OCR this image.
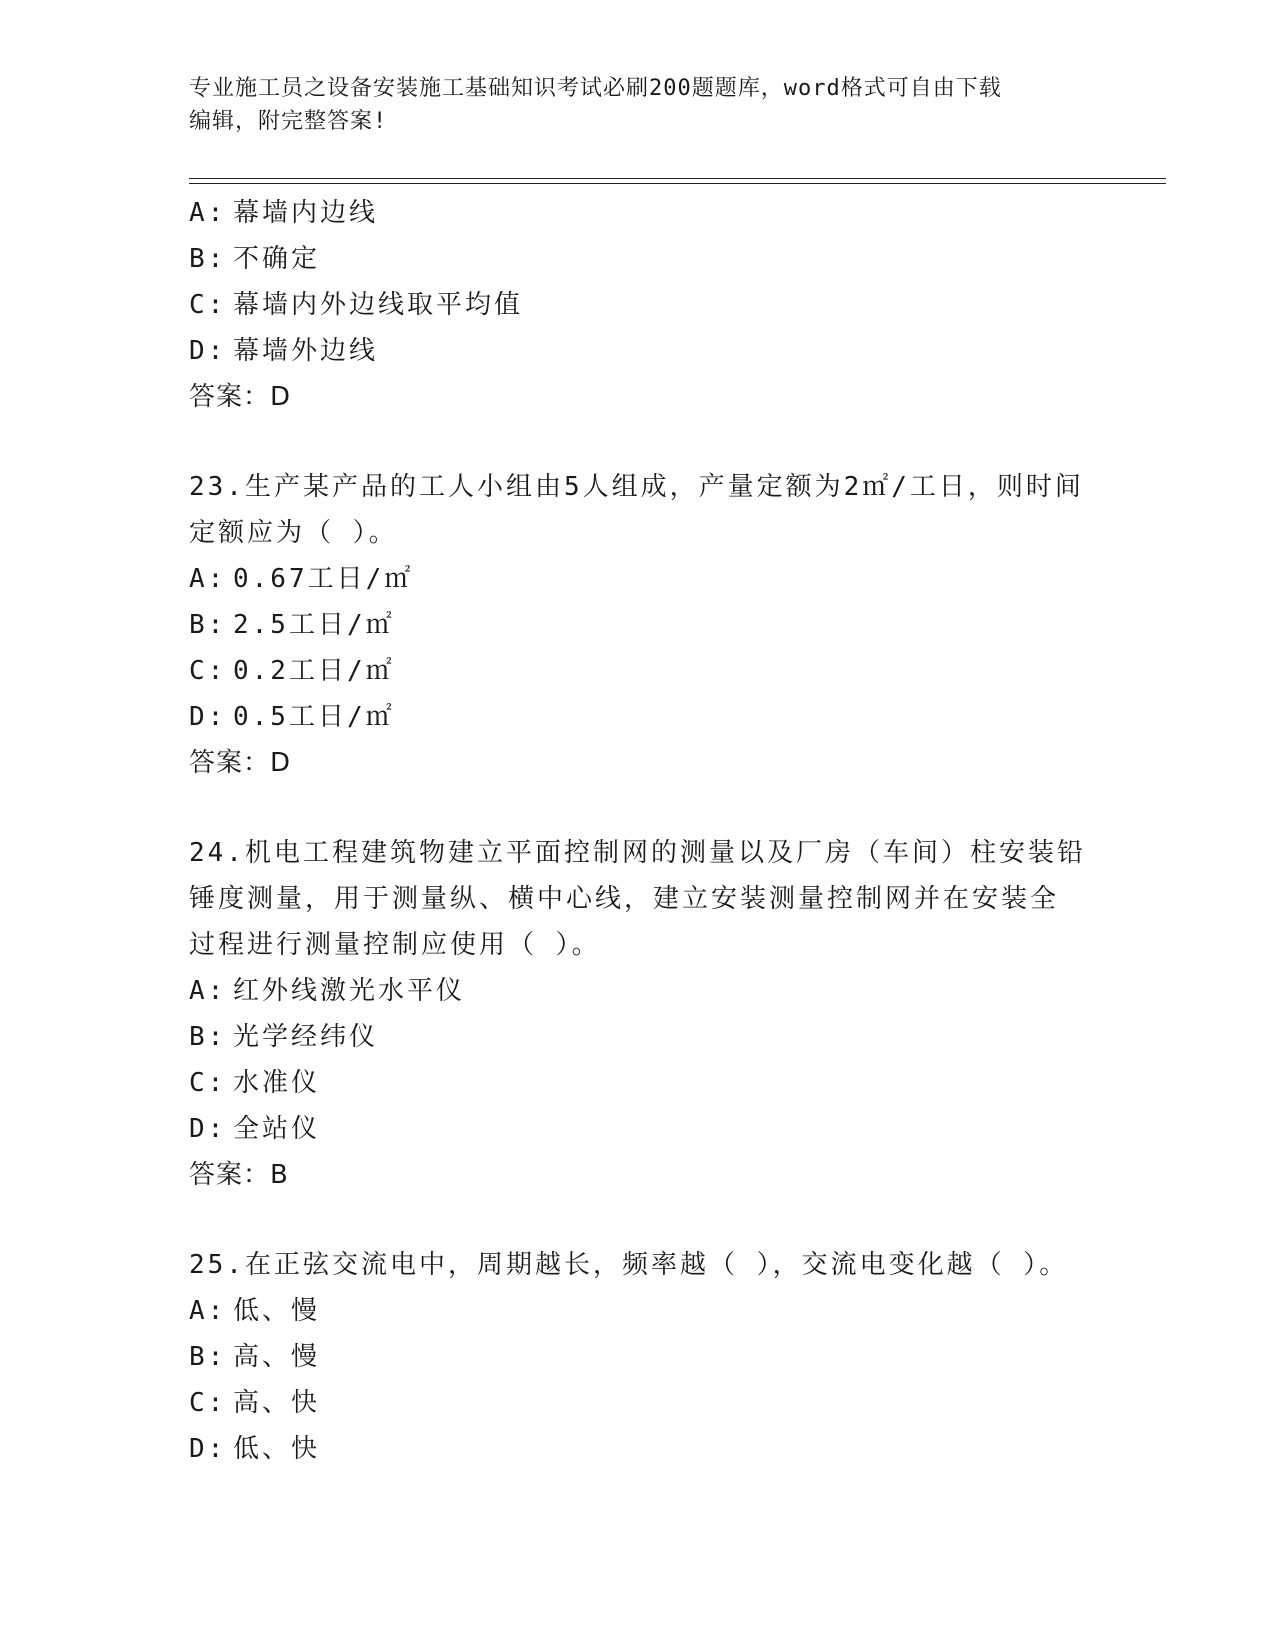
专业施工员之设备安装施工基础知识考试必刷200题题库，word格式可自由下载
编辑，附完整答案!
A: 幕墙内边线
B: 不确定
C: 幕墙内外边线取平均值
D: 幕墙外边线
答案：D
23.生产某产品的工人小组由5人组成，产量定额为2㎡/工日，则时间
定额应为（ ）。
A: 0.67工日/㎡
B: 2.5工日/㎡
C: 0.2工日/㎡
D: 0.5工日/㎡
答案：D
24.机电工程建筑物建立平面控制网的测量以及厂房（车间）柱安装铅
锤度测量，用于测量纵、横中心线，建立安装测量控制网并在安装全
过程进行测量控制应使用（ ）。
A: 红外线激光水平仪
B: 光学经纬仪
C: 水准仪
D: 全站仪
答案：B
25.在正弦交流电中，周期越长，频率越（ ），交流电变化越（ ）。
A: 低、慢
B: 高、慢
C: 高、快
D: 低、快
